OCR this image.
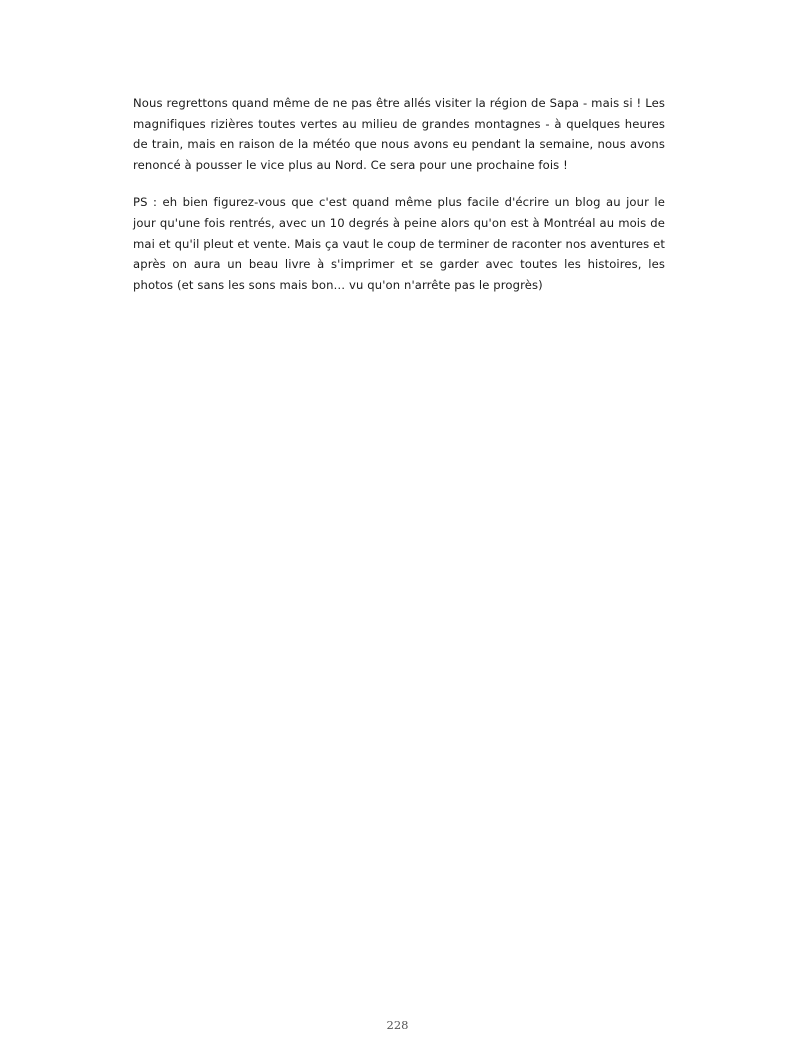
Nous regrettons quand même de ne pas être allés visiter la région de Sapa - mais si ! Les magnifiques rizières toutes vertes au milieu de grandes montagnes - à quelques heures de train, mais en raison de la météo que nous avons eu pendant la semaine, nous avons renoncé à pousser le vice plus au Nord. Ce sera pour une prochaine fois !

PS : eh bien figurez-vous que c'est quand même plus facile d'écrire un blog au jour le jour qu'une fois rentrés, avec un 10 degrés à peine alors qu'on est à Montréal au mois de mai et qu'il pleut et vente. Mais ça vaut le coup de terminer de raconter nos aventures et après on aura un beau livre à s'imprimer et se garder avec toutes les histoires, les photos (et sans les sons mais bon… vu qu'on n'arrête pas le progrès)

228
